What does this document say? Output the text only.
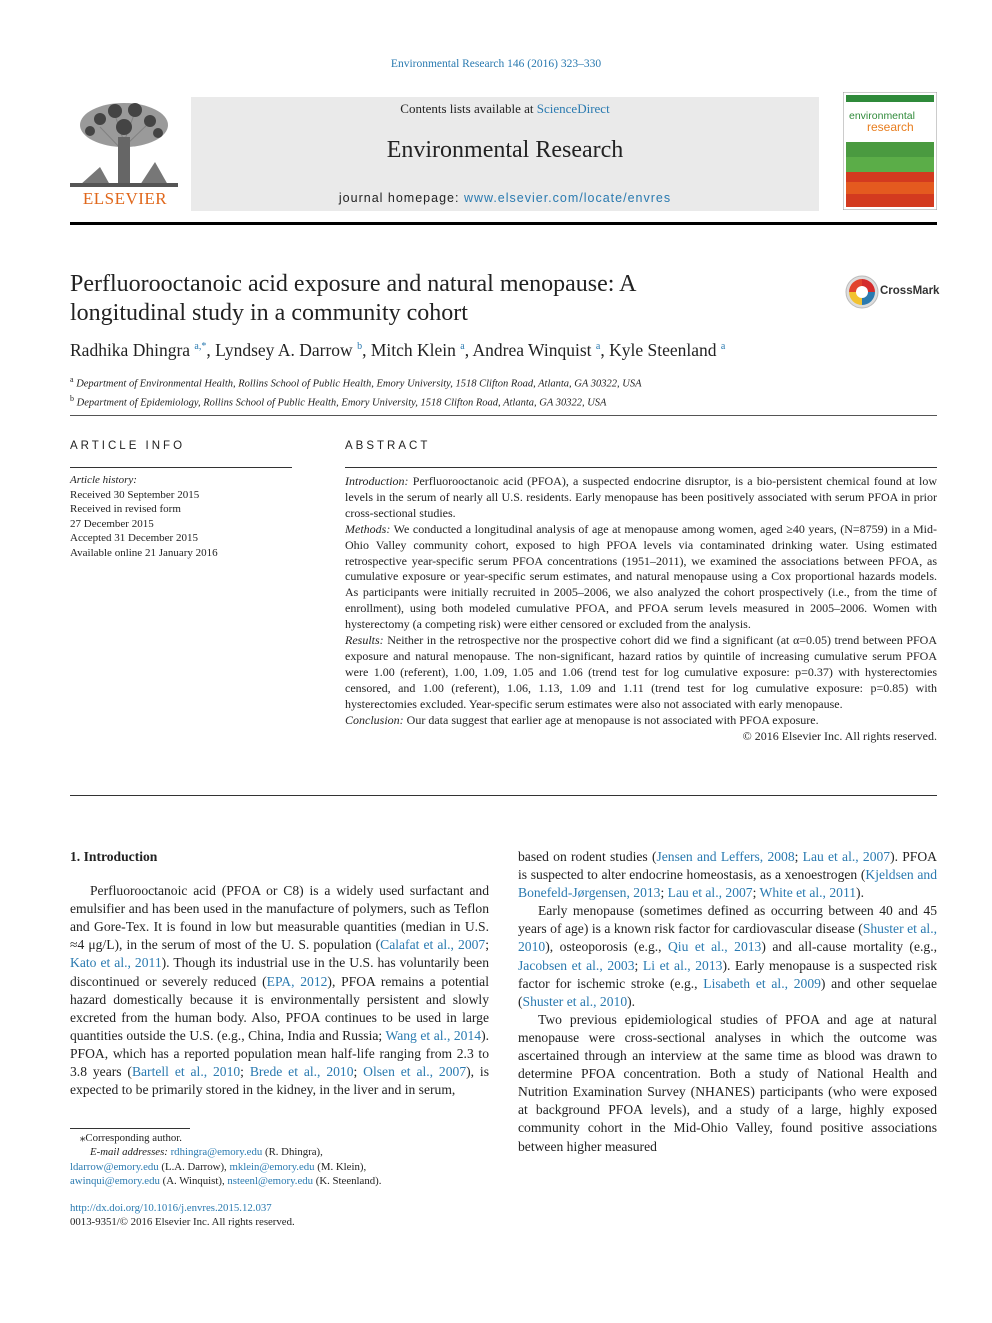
Environmental Research 146 (2016) 323–330
ELSEVIER
Contents lists available at ScienceDirect
Environmental Research
journal homepage: www.elsevier.com/locate/envres
environmental
research
Perfluorooctanoic acid exposure and natural menopause: A
longitudinal study in a community cohort
CrossMark
Radhika Dhingra $^{a,*}$, Lyndsey A. Darrow $^b$, Mitch Klein $^a$, Andrea Winquist $^a$, Kyle Steenland $^a$
$^a$ Department of Environmental Health, Rollins School of Public Health, Emory University, 1518 Clifton Road, Atlanta, GA 30322, USA
$^b$ Department of Epidemiology, Rollins School of Public Health, Emory University, 1518 Clifton Road, Atlanta, GA 30322, USA
ARTICLE INFO
Article history:
Received 30 September 2015
Received in revised form
27 December 2015
Accepted 31 December 2015
Available online 21 January 2016
ABSTRACT

Introduction: Perfluorooctanoic acid (PFOA), a suspected endocrine disruptor, is a bio-persistent chemical found at low levels in the serum of nearly all U.S. residents. Early menopause has been positively associated with serum PFOA in prior cross-sectional studies.

Methods: We conducted a longitudinal analysis of age at menopause among women, aged ≥40 years, (N=8759) in a Mid-Ohio Valley community cohort, exposed to high PFOA levels via contaminated drinking water. Using estimated retrospective year-specific serum PFOA concentrations (1951–2011), we examined the associations between PFOA, as cumulative exposure or year-specific serum estimates, and natural menopause using a Cox proportional hazards models. As participants were initially recruited in 2005–2006, we also analyzed the cohort prospectively (i.e., from the time of enrollment), using both modeled cumulative PFOA, and PFOA serum levels measured in 2005–2006. Women with hysterectomy (a competing risk) were either censored or excluded from the analysis.

Results: Neither in the retrospective nor the prospective cohort did we find a significant (at α=0.05) trend between PFOA exposure and natural menopause. The non-significant, hazard ratios by quintile of increasing cumulative serum PFOA were 1.00 (referent), 1.00, 1.09, 1.05 and 1.06 (trend test for log cumulative exposure: p=0.37) with hysterectomies censored, and 1.00 (referent), 1.06, 1.13, 1.09 and 1.11 (trend test for log cumulative exposure: p=0.85) with hysterectomies excluded. Year-specific serum estimates were also not associated with early menopause.

Conclusion: Our data suggest that earlier age at menopause is not associated with PFOA exposure.

© 2016 Elsevier Inc. All rights reserved.

1. Introduction

Perfluorooctanoic acid (PFOA or C8) is a widely used surfactant and emulsifier and has been used in the manufacture of polymers, such as Teflon and Gore-Tex. It is found in low but measurable quantities (median in U.S. ≈4 μg/L), in the serum of most of the U. S. population (Calafat et al., 2007; Kato et al., 2011). Though its industrial use in the U.S. has voluntarily been discontinued or severely reduced (EPA, 2012), PFOA remains a potential hazard domestically because it is environmentally persistent and slowly excreted from the human body. Also, PFOA continues to be used in large quantities outside the U.S. (e.g., China, India and Russia; Wang et al., 2014). PFOA, which has a reported population mean half-life ranging from 2.3 to 3.8 years (Bartell et al., 2010; Brede et al., 2010; Olsen et al., 2007), is expected to be primarily stored in the kidney, in the liver and in serum,

based on rodent studies (Jensen and Leffers, 2008; Lau et al., 2007). PFOA is suspected to alter endocrine homeostasis, as a xenoestrogen (Kjeldsen and Bonefeld-Jørgensen, 2013; Lau et al., 2007; White et al., 2011).

Early menopause (sometimes defined as occurring between 40 and 45 years of age) is a known risk factor for cardiovascular disease (Shuster et al., 2010), osteoporosis (e.g., Qiu et al., 2013) and all-cause mortality (e.g., Jacobsen et al., 2003; Li et al., 2013). Early menopause is a suspected risk factor for ischemic stroke (e.g., Lisabeth et al., 2009) and other sequelae (Shuster et al., 2010).

Two previous epidemiological studies of PFOA and age at natural menopause were cross-sectional analyses in which the outcome was ascertained through an interview at the same time as blood was drawn to determine PFOA concentration. Both a study of National Health and Nutrition Examination Survey (NHANES) participants (who were exposed at background PFOA levels), and a study of a large, highly exposed community cohort in the Mid-Ohio Valley, found positive associations between higher measured

⁎Corresponding author.
E-mail addresses: rdhingra@emory.edu (R. Dhingra),
ldarrow@emory.edu (L.A. Darrow), mklein@emory.edu (M. Klein),
awinqui@emory.edu (A. Winquist), nsteenl@emory.edu (K. Steenland).
http://dx.doi.org/10.1016/j.envres.2015.12.037
0013-9351/© 2016 Elsevier Inc. All rights reserved.
